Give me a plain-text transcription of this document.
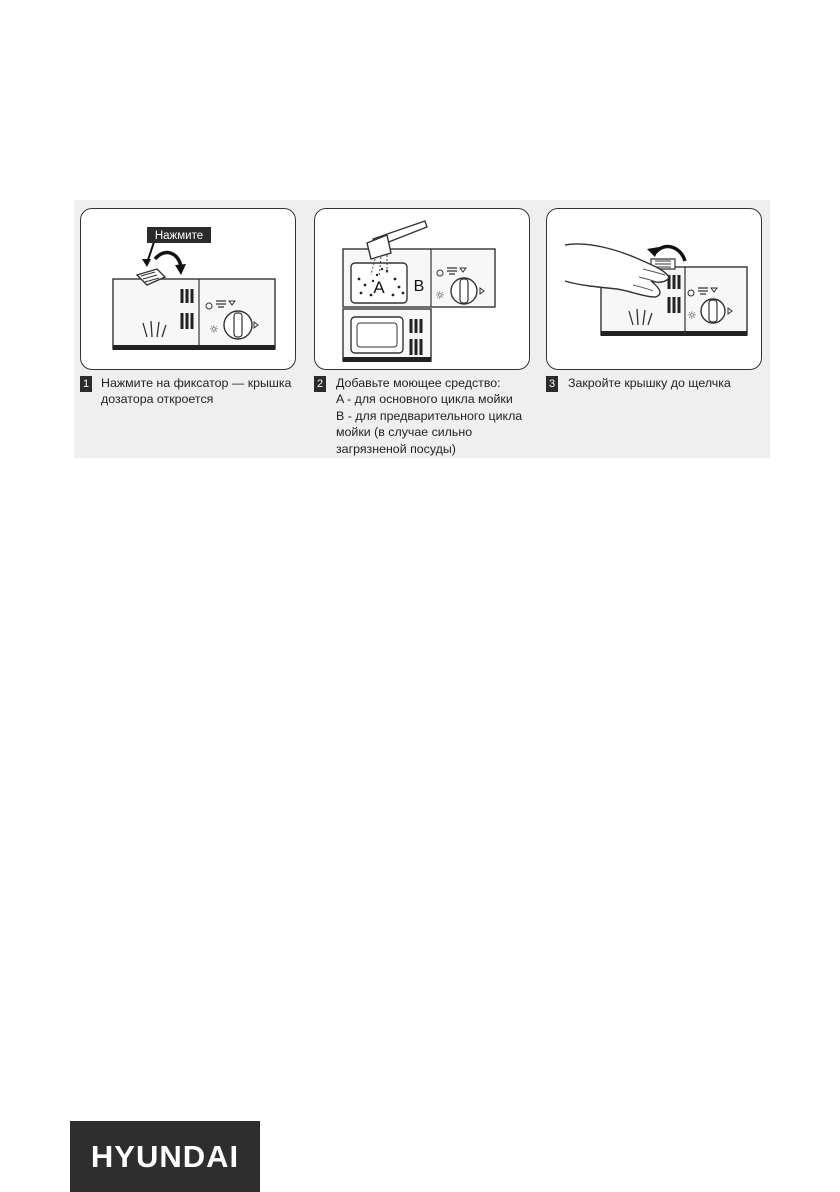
☼
Нажмите
1 Нажмите на фиксатор — крышка
дозатора откроется

A B
☼
2 Добавьте моющее средство:
A - для основного цикла мойки
B - для предварительного цикла
мойки (в случае сильно
загрязненой посуды)

☼
3 Закройте крышку до щелчка

HYUNDAI
